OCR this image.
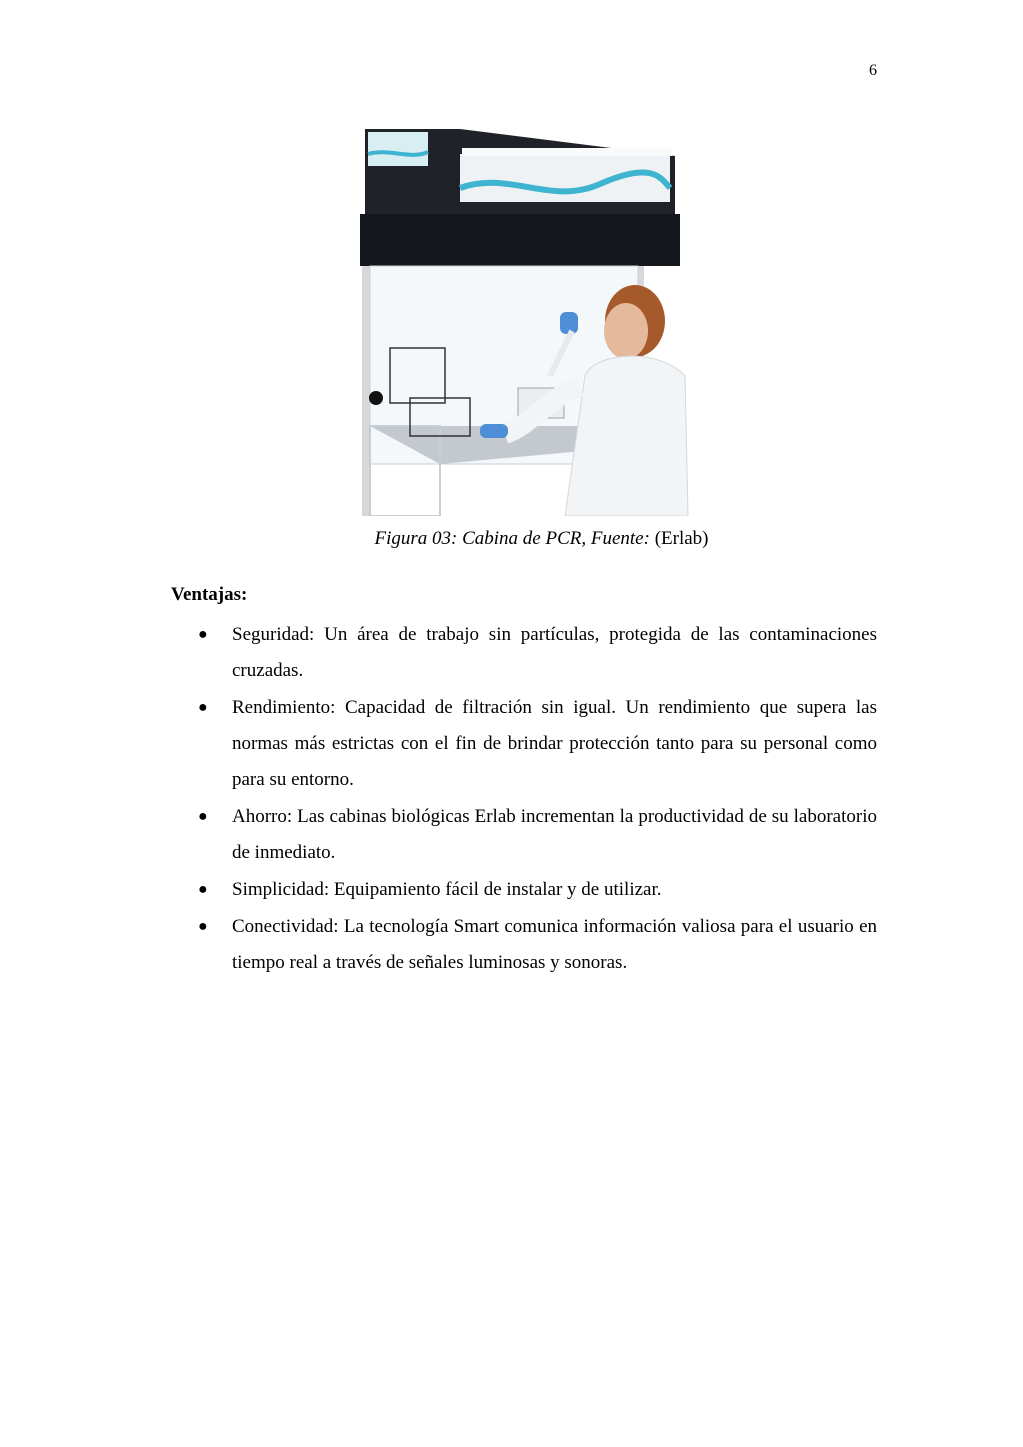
6
Figura 03: Cabina de PCR, Fuente: (Erlab)
Ventajas:
● Seguridad: Un área de trabajo sin partículas, protegida de las contaminaciones cruzadas.
● Rendimiento: Capacidad de filtración sin igual. Un rendimiento que supera las normas más estrictas con el fin de brindar protección tanto para su personal como para su entorno.
● Ahorro: Las cabinas biológicas Erlab incrementan la productividad de su laboratorio de inmediato.
● Simplicidad: Equipamiento fácil de instalar y de utilizar.
● Conectividad: La tecnología Smart comunica información valiosa para el usuario en tiempo real a través de señales luminosas y sonoras.
